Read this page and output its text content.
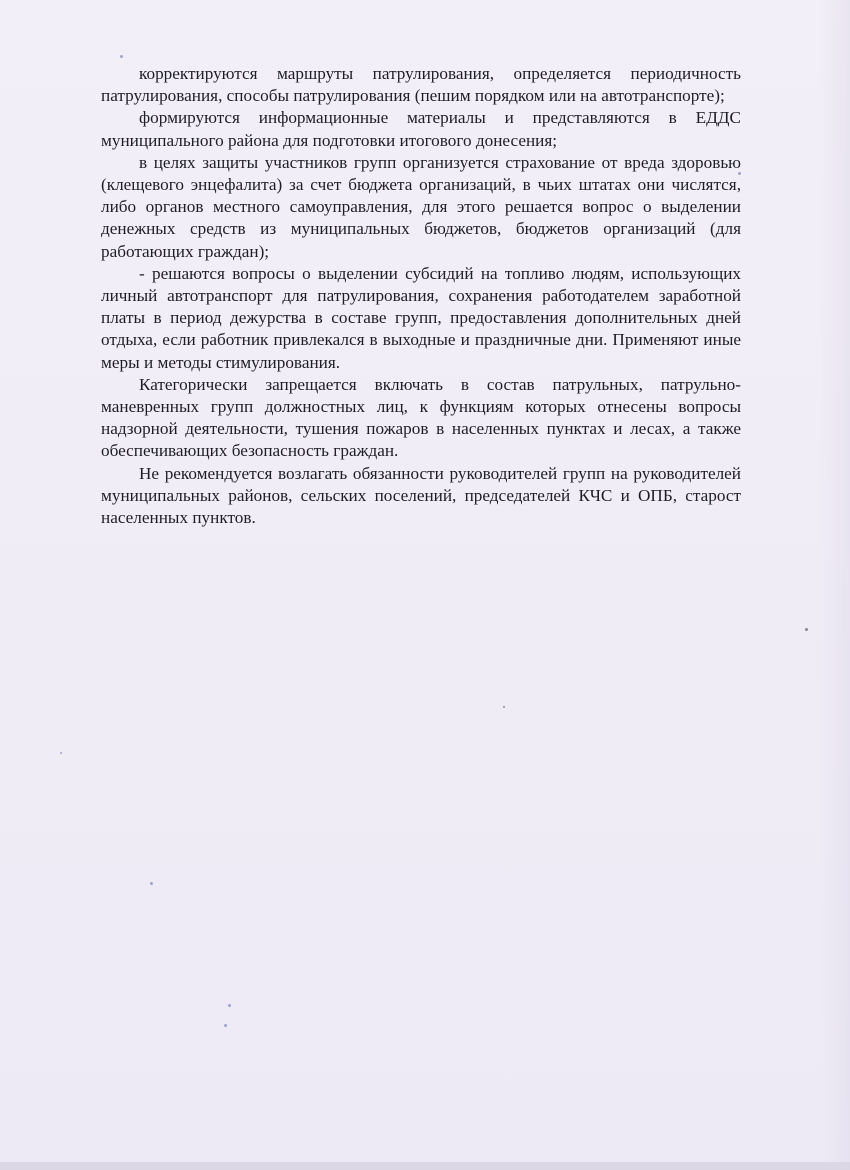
корректируются маршруты патрулирования, определяется периодичность патрулирования, способы патрулирования (пешим порядком или на автотранспорте);

формируются информационные материалы и представляются в ЕДДС муниципального района для подготовки итогового донесения;

в целях защиты участников групп организуется страхование от вреда здоровью (клещевого энцефалита) за счет бюджета организаций, в чьих штатах они числятся, либо органов местного самоуправления, для этого решается вопрос о выделении денежных средств из муниципальных бюджетов, бюджетов организаций (для работающих граждан);

- решаются вопросы о выделении субсидий на топливо людям, использующих личный автотранспорт для патрулирования, сохранения работодателем заработной платы в период дежурства в составе групп, предоставления дополнительных дней отдыха, если работник привлекался в выходные и праздничные дни. Применяют иные меры и методы стимулирования.

Категорически запрещается включать в состав патрульных, патрульно- маневренных групп должностных лиц, к функциям которых отнесены вопросы надзорной деятельности, тушения пожаров в населенных пунктах и лесах, а также обеспечивающих безопасность граждан.

Не рекомендуется возлагать обязанности руководителей групп на руководителей муниципальных районов, сельских поселений, председателей КЧС и ОПБ, старост населенных пунктов.
